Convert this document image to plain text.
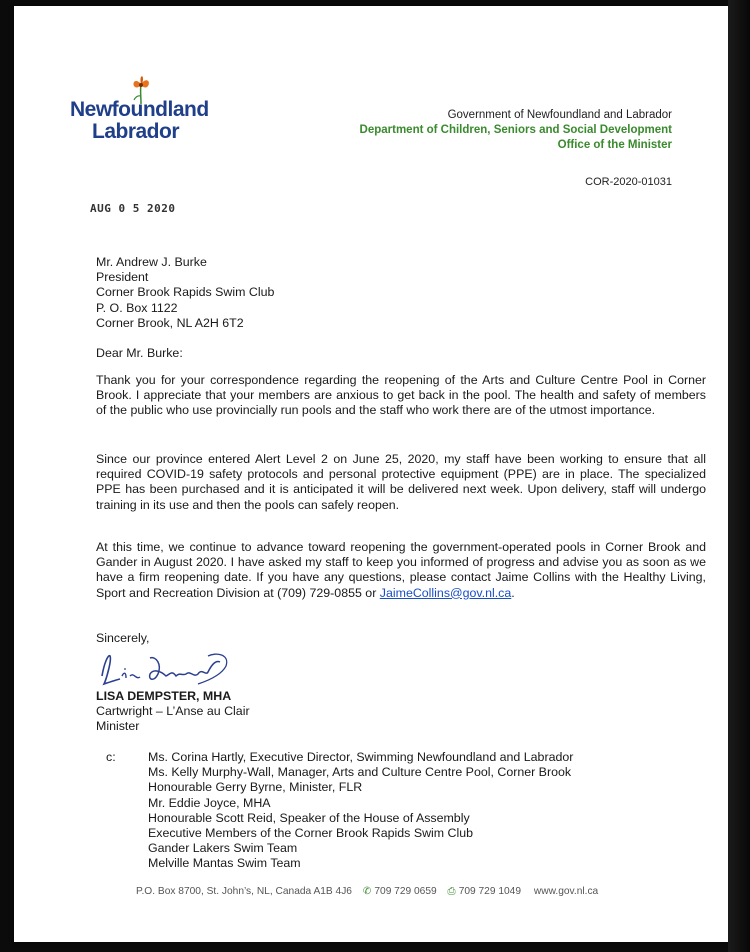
Newfoundland
Labrador
Government of Newfoundland and Labrador
Department of Children, Seniors and Social Development
Office of the Minister
COR-2020-01031
AUG 0 5 2020
Mr. Andrew J. Burke
President
Corner Brook Rapids Swim Club
P. O. Box 1122
Corner Brook, NL A2H 6T2
Dear Mr. Burke:
Thank you for your correspondence regarding the reopening of the Arts and Culture Centre Pool in Corner Brook. I appreciate that your members are anxious to get back in the pool. The health and safety of members of the public who use provincially run pools and the staff who work there are of the utmost importance.
Since our province entered Alert Level 2 on June 25, 2020, my staff have been working to ensure that all required COVID-19 safety protocols and personal protective equipment (PPE) are in place. The specialized PPE has been purchased and it is anticipated it will be delivered next week. Upon delivery, staff will undergo training in its use and then the pools can safely reopen.
At this time, we continue to advance toward reopening the government-operated pools in Corner Brook and Gander in August 2020. I have asked my staff to keep you informed of progress and advise you as soon as we have a firm reopening date. If you have any questions, please contact Jaime Collins with the Healthy Living, Sport and Recreation Division at (709) 729-0855 or JaimeCollins@gov.nl.ca.
Sincerely,
LISA DEMPSTER, MHA
Cartwright – L’Anse au Clair
Minister
c:	Ms. Corina Hartly, Executive Director, Swimming Newfoundland and Labrador
Ms. Kelly Murphy-Wall, Manager, Arts and Culture Centre Pool, Corner Brook
Honourable Gerry Byrne, Minister, FLR
Mr. Eddie Joyce, MHA
Honourable Scott Reid, Speaker of the House of Assembly
Executive Members of the Corner Brook Rapids Swim Club
Gander Lakers Swim Team
Melville Mantas Swim Team
P.O. Box 8700, St. John’s, NL, Canada A1B 4J6 ✆ 709 729 0659 ⎙ 709 729 1049 www.gov.nl.ca
